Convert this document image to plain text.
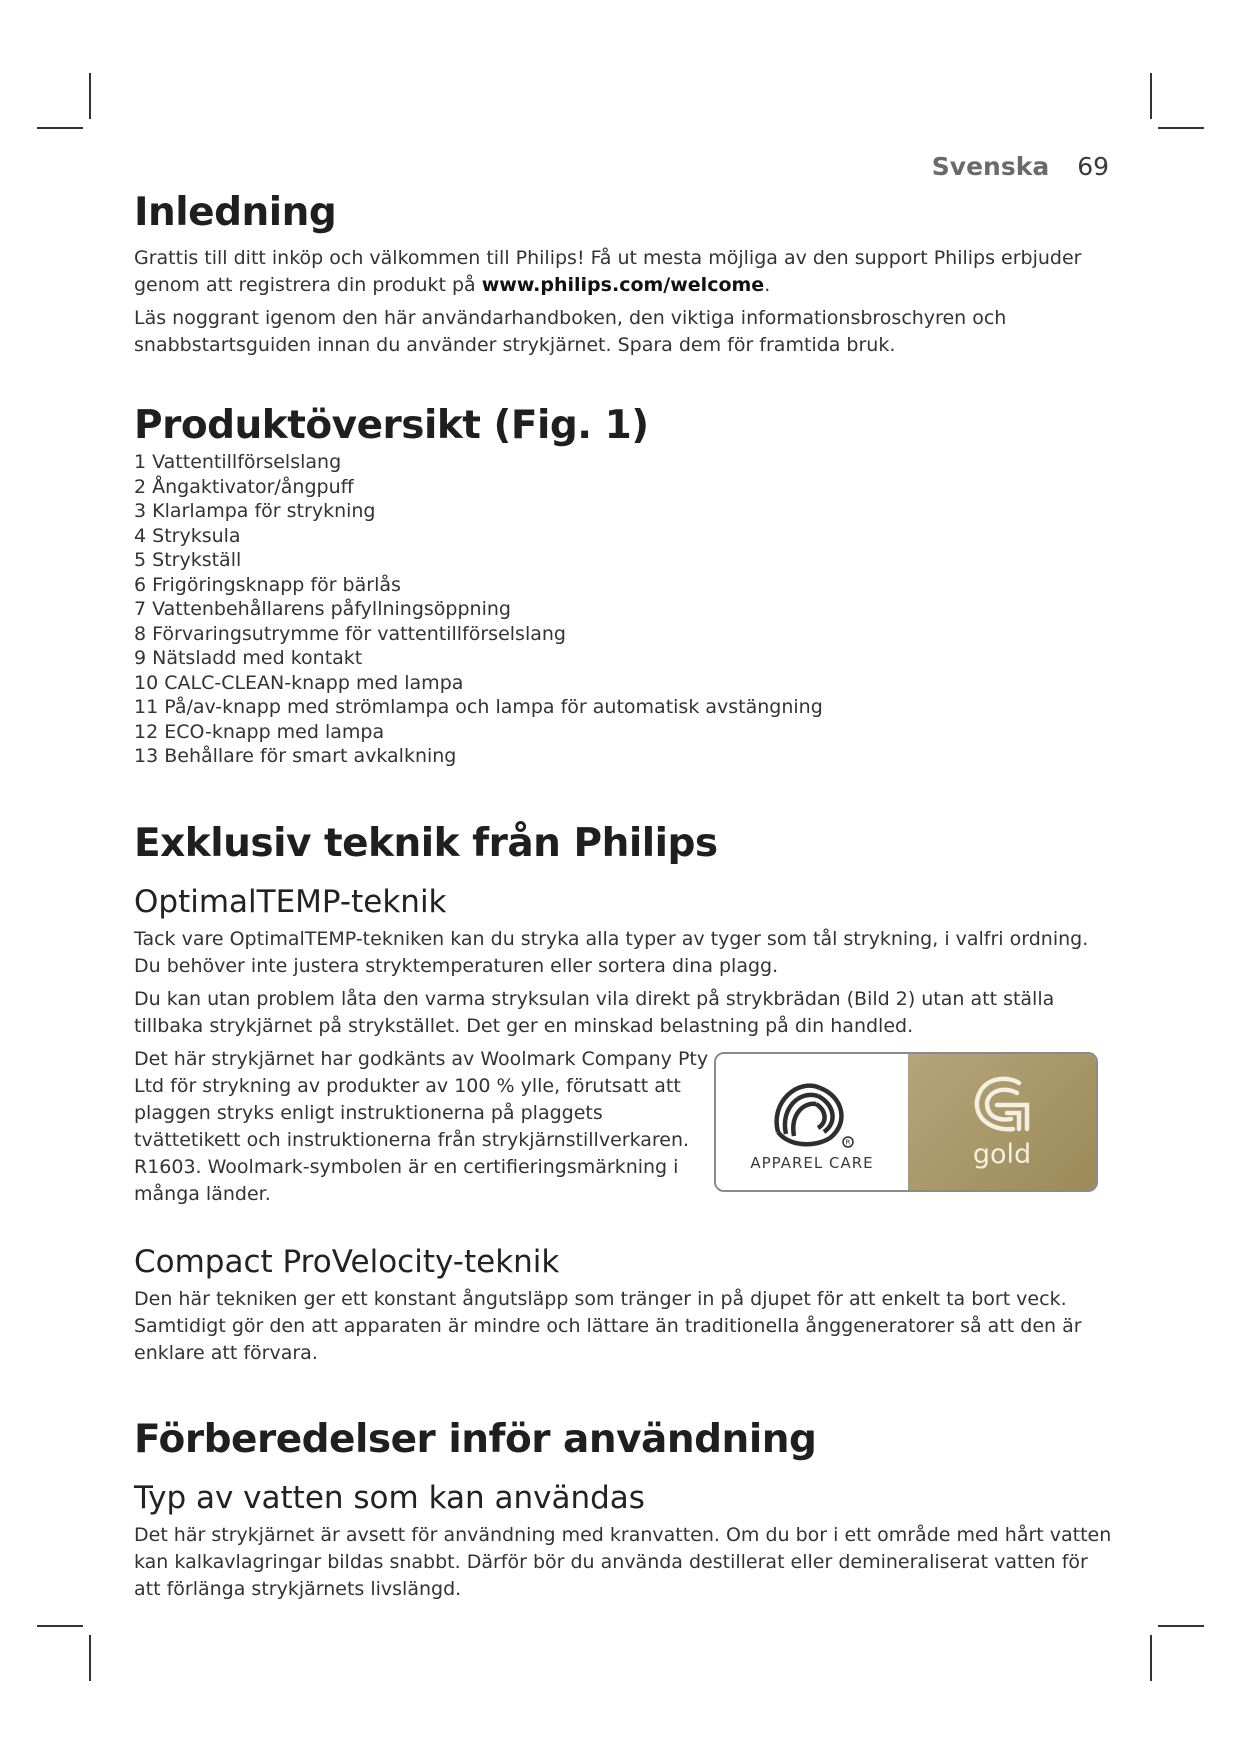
Svenska 69
Inledning

Grattis till ditt inköp och välkommen till Philips! Få ut mesta möjliga av den support Philips erbjuder genom att registrera din produkt på www.philips.com/welcome.

Läs noggrant igenom den här användarhandboken, den viktiga informationsbroschyren och snabbstartsguiden innan du använder strykjärnet. Spara dem för framtida bruk.

Produktöversikt (Fig. 1)
1 Vattentillförselslang
2 Ångaktivator/ångpuff
3 Klarlampa för strykning
4 Stryksula
5 Strykställ
6 Frigöringsknapp för bärlås
7 Vattenbehållarens påfyllningsöppning
8 Förvaringsutrymme för vattentillförselslang
9 Nätsladd med kontakt
10 CALC-CLEAN-knapp med lampa
11 På/av-knapp med strömlampa och lampa för automatisk avstängning
12 ECO-knapp med lampa
13 Behållare för smart avkalkning
Exklusiv teknik från Philips
OptimalTEMP-teknik

Tack vare OptimalTEMP-tekniken kan du stryka alla typer av tyger som tål strykning, i valfri ordning. Du behöver inte justera stryktemperaturen eller sortera dina plagg.

Du kan utan problem låta den varma stryksulan vila direkt på strykbrädan (Bild 2) utan att ställa tillbaka strykjärnet på strykstället. Det ger en minskad belastning på din handled.

Det här strykjärnet har godkänts av Woolmark Company Pty Ltd för strykning av produkter av 100 % ylle, förutsatt att plaggen stryks enligt instruktionerna på plaggets tvättetikett och instruktionerna från strykjärnstillverkaren. R1603. Woolmark-symbolen är en certifieringsmärkning i många länder.

R
APPAREL CARE	gold
Compact ProVelocity-teknik

Den här tekniken ger ett konstant ångutsläpp som tränger in på djupet för att enkelt ta bort veck. Samtidigt gör den att apparaten är mindre och lättare än traditionella ånggeneratorer så att den är enklare att förvara.

Förberedelser inför användning
Typ av vatten som kan användas

Det här strykjärnet är avsett för användning med kranvatten. Om du bor i ett område med hårt vatten kan kalkavlagringar bildas snabbt. Därför bör du använda destillerat eller demineraliserat vatten för att förlänga strykjärnets livslängd.
